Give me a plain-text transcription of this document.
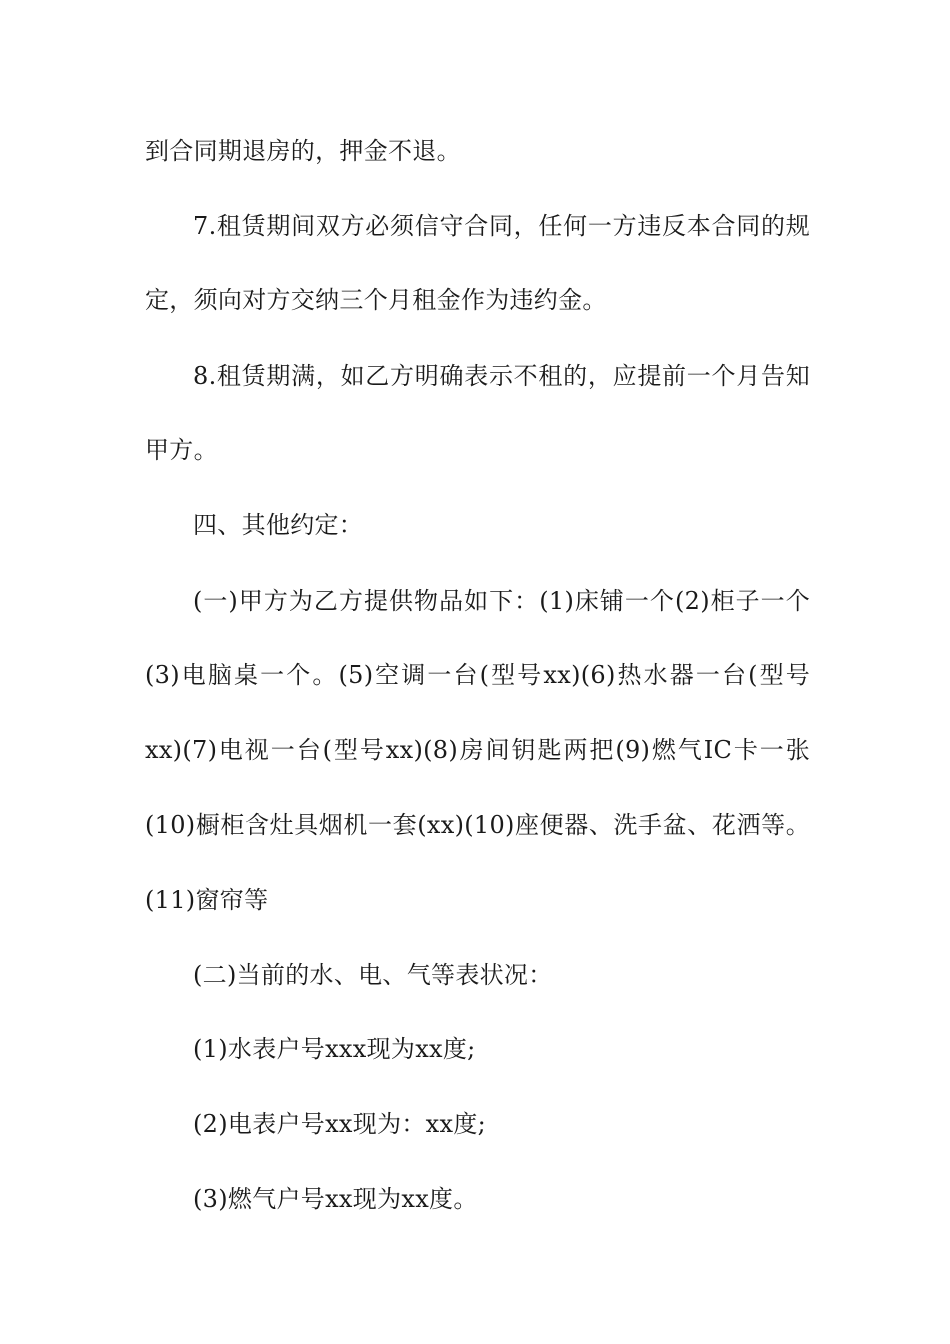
到合同期退房的，押金不退。
7.租赁期间双方必须信守合同，任何一方违反本合同的规
定，须向对方交纳三个月租金作为违约金。
8.租赁期满，如乙方明确表示不租的，应提前一个月告知
甲方。
四、其他约定：
(一)甲方为乙方提供物品如下：(1)床铺一个(2)柜子一个
(3)电脑桌一个。(5)空调一台(型号xx)(6)热水器一台(型号
xx)(7)电视一台(型号xx)(8)房间钥匙两把(9)燃气IC卡一张
(10)橱柜含灶具烟机一套(xx)(10)座便器、洗手盆、花洒等。
(11)窗帘等
(二)当前的水、电、气等表状况：
(1)水表户号xxx现为xx度;
(2)电表户号xx现为：xx度;
(3)燃气户号xx现为xx度。
